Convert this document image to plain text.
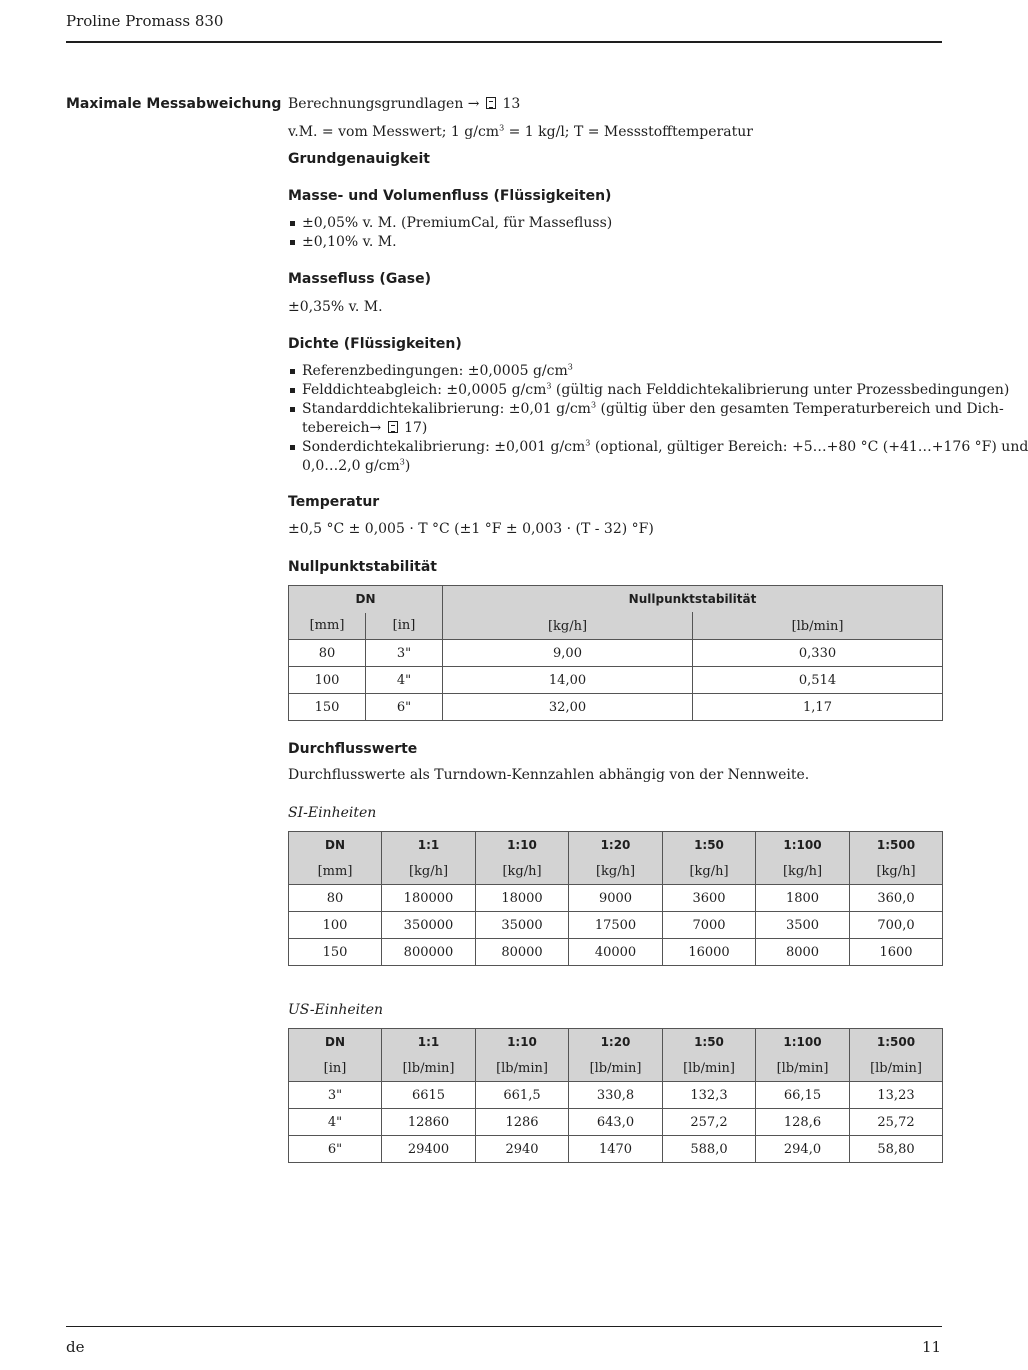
Proline Promass 830
Maximale Messabweichung Berechnungsgrundlagen → 13
v.M. = vom Messwert; 1 $g/cm^3 = 1$ kg/l; T = Messstofftemperatur
Grundgenauigkeit
Masse- und Volumenfluss (Flüssigkeiten)
±0,05% v. M. (PremiumCal, für Massefluss)
±0,10% v. M.
Massefluss (Gase)
±0,35% v. M.
Dichte (Flüssigkeiten)
Referenzbedingungen: ±0,0005 $g/cm^3$
Felddichteabgleich: ±0,0005 $g/cm^3$ (gültig nach Felddichtekalibrierung unter Prozessbedingungen)
Standarddichtekalibrierung: ±0,01 $g/cm^3$ (gültig über den gesamten Temperaturbereich und Dich-
tebereich→ 17)
Sonderdichtekalibrierung: ±0,001 $g/cm^3$ (optional, gültiger Bereich: +5…+80 °C (+41…+176 °F) und
0,0…2,0 $g/cm^3$)
Temperatur
±0,5 °C ± 0,005 · T °C (±1 °F ± 0,003 · (T - 32) °F)
Nullpunktstabilität
DN		Nullpunktstabilität	
[mm]	[in]	[kg/h]	[lb/min]
80	3"	9,00	0,330
100	4"	14,00	0,514
150	6"	32,00	1,17
Durchflusswerte
Durchflusswerte als Turndown-Kennzahlen abhängig von der Nennweite.
SI-Einheiten
DN	1:1	1:10	1:20	1:50	1:100	1:500
[mm]	[kg/h]	[kg/h]	[kg/h]	[kg/h]	[kg/h]	[kg/h]
80	180000	18000	9000	3600	1800	360,0
100	350000	35000	17500	7000	3500	700,0
150	800000	80000	40000	16000	8000	1600
US-Einheiten
DN	1:1	1:10	1:20	1:50	1:100	1:500
[in]	[lb/min]	[lb/min]	[lb/min]	[lb/min]	[lb/min]	[lb/min]
3"	6615	661,5	330,8	132,3	66,15	13,23
4"	12860	1286	643,0	257,2	128,6	25,72
6"	29400	2940	1470	588,0	294,0	58,80
de	11
